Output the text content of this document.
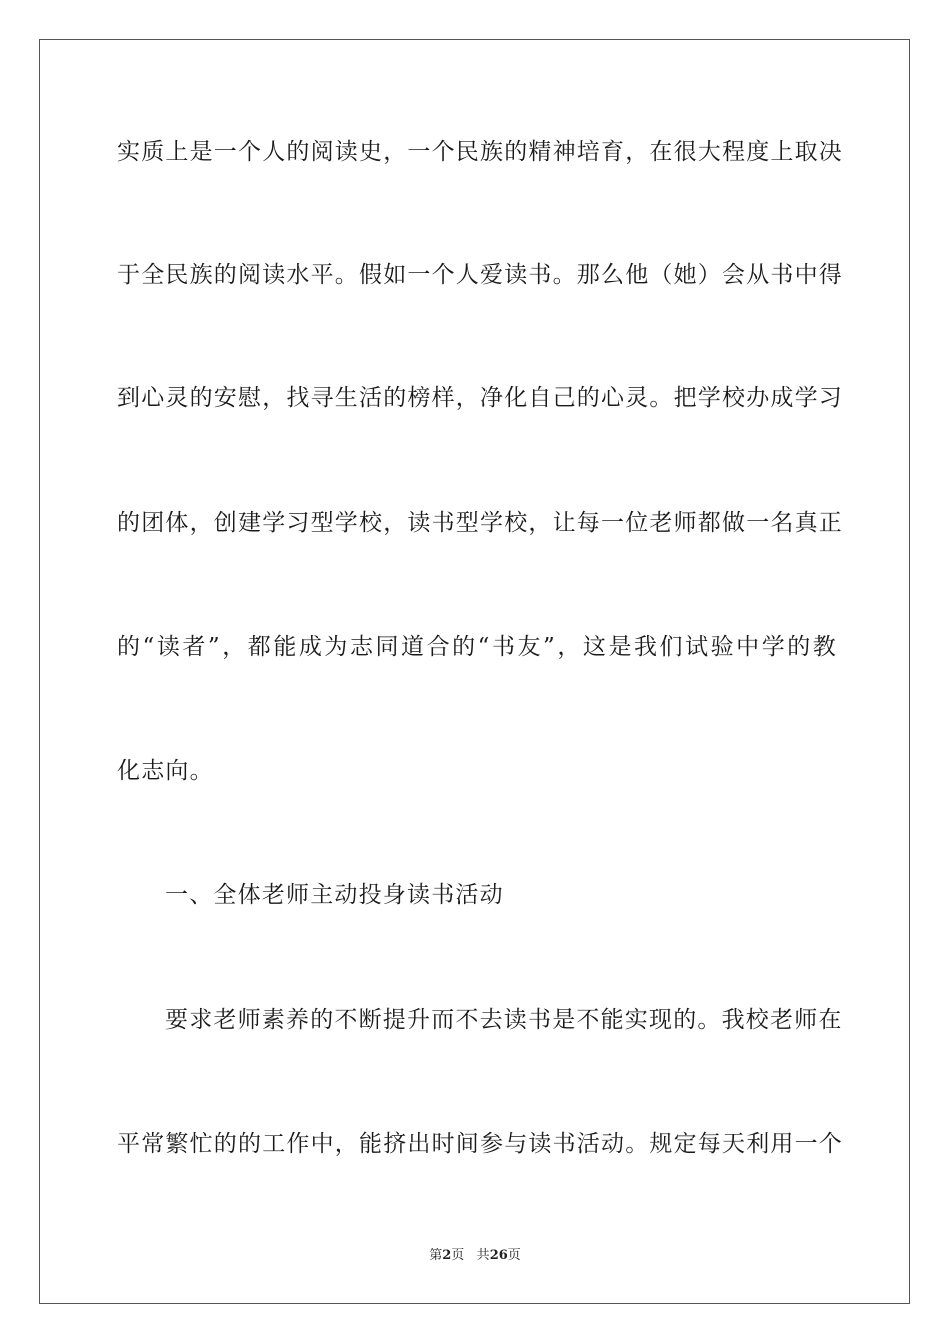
实质上是一个人的阅读史，一个民族的精神培育，在很大程度上取决
于全民族的阅读水平。假如一个人爱读书。那么他（她）会从书中得
到心灵的安慰，找寻生活的榜样，净化自己的心灵。把学校办成学习
的团体，创建学习型学校，读书型学校，让每一位老师都做一名真正
的“读者”，都能成为志同道合的“书友”，这是我们试验中学的教
化志向。
一、全体老师主动投身读书活动
要求老师素养的不断提升而不去读书是不能实现的。我校老师在
平常繁忙的的工作中，能挤出时间参与读书活动。规定每天利用一个
第2页 共26页
